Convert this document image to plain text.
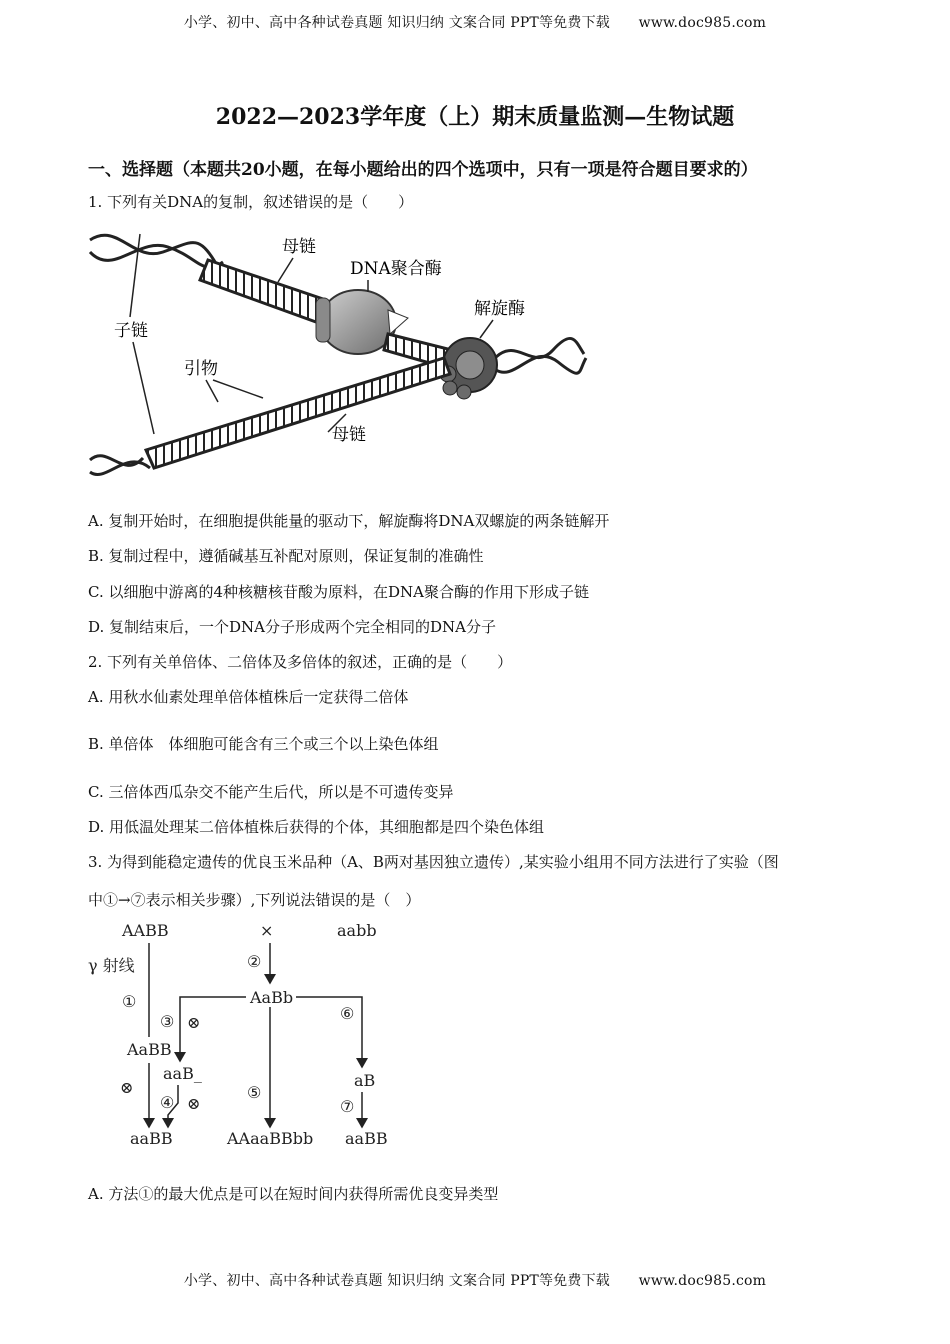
小学、初中、高中各种试卷真题 知识归纳 文案合同 PPT等免费下载 www.doc985.com
2022—2023学年度（上）期末质量监测—生物试题
一、选择题（本题共20小题，在每小题给出的四个选项中，只有一项是符合题目要求的）
1. 下列有关DNA的复制，叙述错误的是（　　）
母链
DNA聚合酶
解旋酶
子链
引物
母链
A. 复制开始时，在细胞提供能量的驱动下，解旋酶将DNA双螺旋的两条链解开
B. 复制过程中，遵循碱基互补配对原则，保证复制的准确性
C. 以细胞中游离的4种核糖核苷酸为原料，在DNA聚合酶的作用下形成子链
D. 复制结束后，一个DNA分子形成两个完全相同的DNA分子
2. 下列有关单倍体、二倍体及多倍体的叙述，正确的是（　　）
A. 用秋水仙素处理单倍体植株后一定获得二倍体
B. 单倍体　体细胞可能含有三个或三个以上染色体组
C. 三倍体西瓜杂交不能产生后代，所以是不可遗传变异
D. 用低温处理某二倍体植株后获得的个体，其细胞都是四个染色体组
3. 为得到能稳定遗传的优良玉米品种（A、B两对基因独立遗传）,某实验小组用不同方法进行了实验（图
中①→⑦表示相关步骤）,下列说法错误的是（　）
AABB	×	aabb
γ 射线
①
②
AaBb
③ ⊗	⑥
AaBB
aaB_	aB
⊗	⑤
④ ⊗	⑦
aaBB	AAaaBBbb aaBB
A. 方法①的最大优点是可以在短时间内获得所需优良变异类型
小学、初中、高中各种试卷真题 知识归纳 文案合同 PPT等免费下载 www.doc985.com
